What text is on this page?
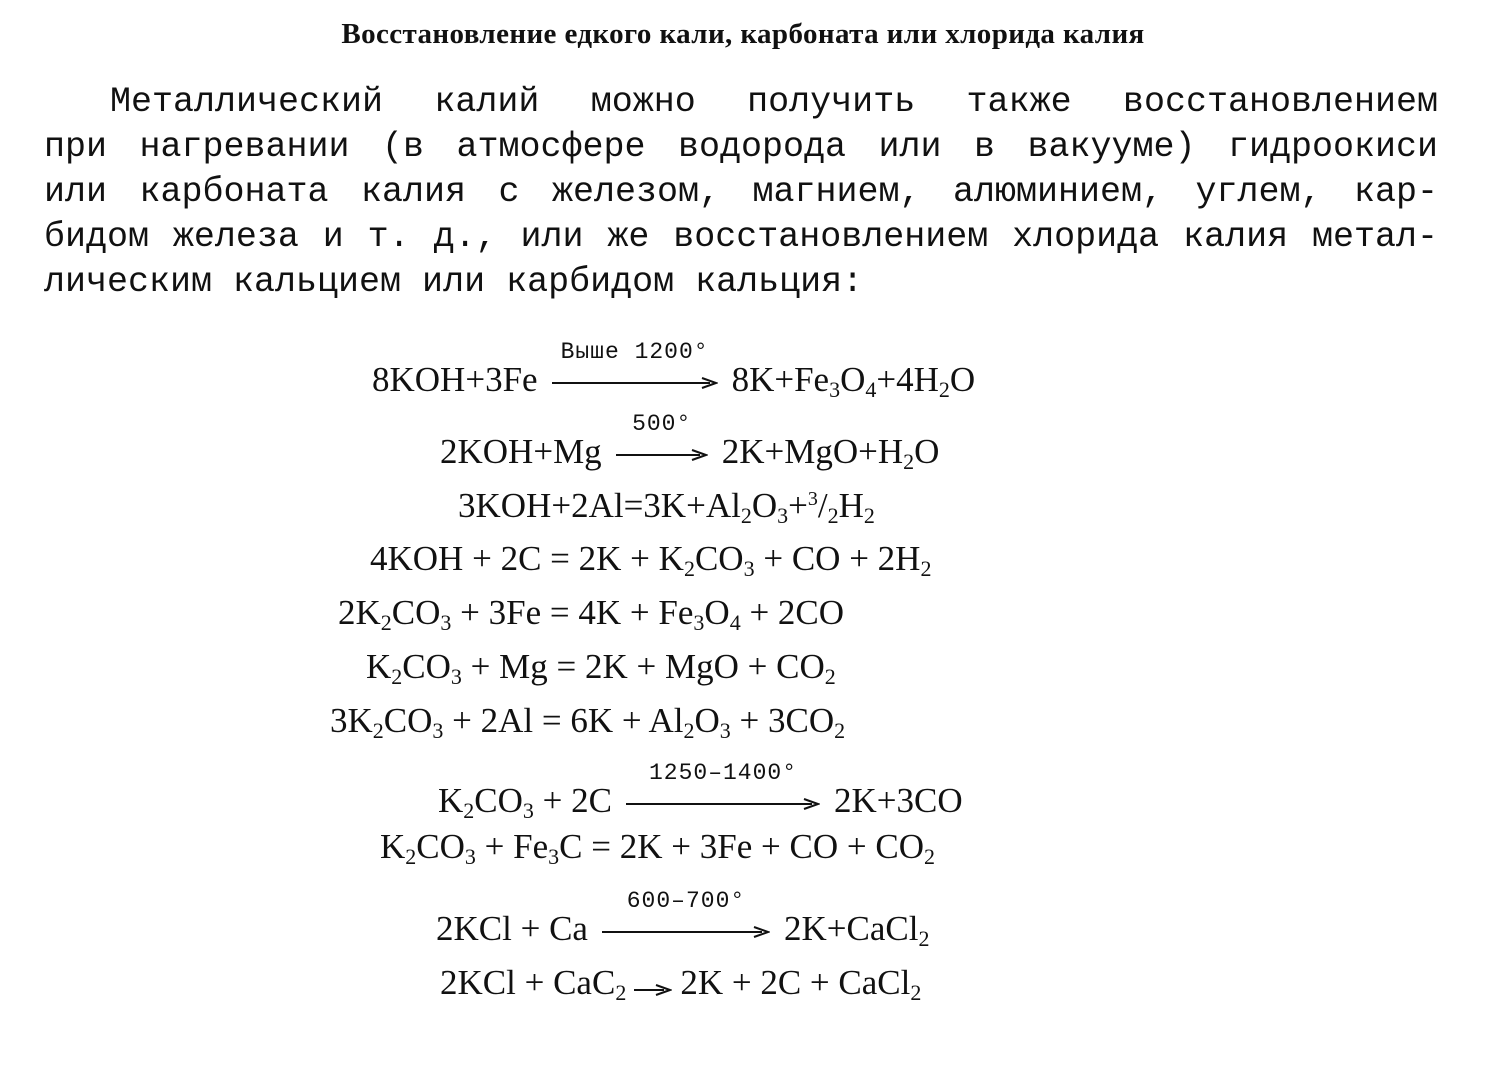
Восстановление едкого кали, карбоната или хлорида калия
Металлический калий можно получить также восстановлением
при нагревании (в атмосфере водорода или в вакууме) гидроокиси
или карбоната калия с железом, магнием, алюминием, углем, кар-
бидом железа и т. д., или же восстановлением хлорида калия метал-
лическим кальцием или карбидом кальция:
8KOH+3Fe
Выше 1200°
$8K+Fe_3O_4+4H_2O$
2KOH+Mg
500°
$2K+MgO+H_2O$
$3KOH+2Al=3K+Al_2O_3+^3/_2H_2$
$4KOH + 2C = 2K + K_2CO_3$ + CO + $2H_2$
$2K_2CO_3 + 3Fe = 4K + Fe_3O_4 + 2CO$
$K_2CO_3 + Mg = 2K$ + MgO + $CO_2$
$3K_2CO_3 + 2Al = 6K + Al_2O_3 + 3CO_2$
$K_2CO_3 + 2C$
1250–1400°
2K+3CO
$K_2CO_3 + Fe_3C = 2K + 3Fe$ + CO + $CO_2$
2KCl + Ca
600–700°
2K+CaCl$_2$
2KCl + CaC$_2$ → 2K + 2C + CaCl$_2$
